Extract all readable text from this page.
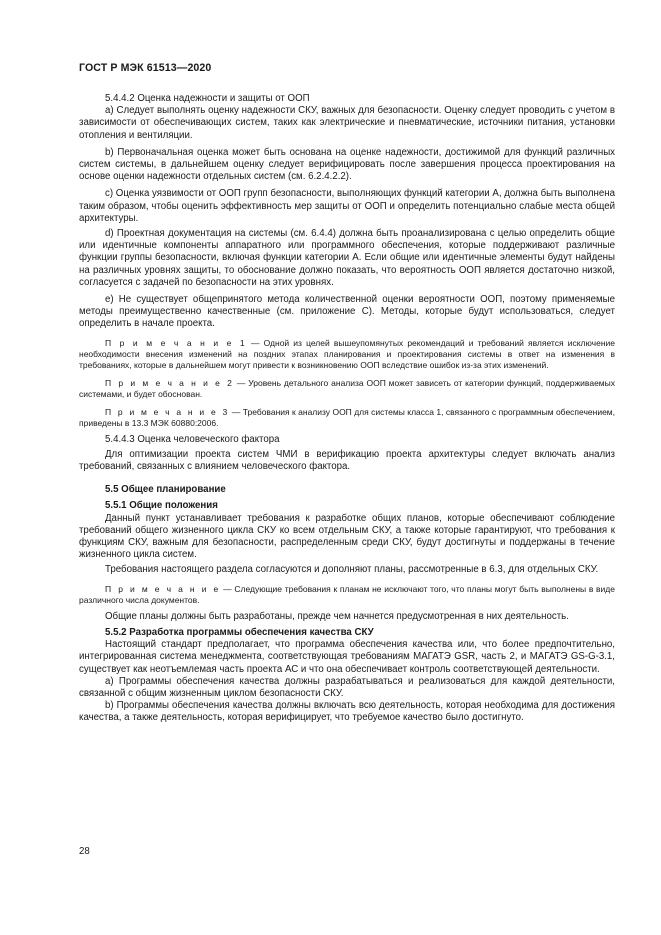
ГОСТ Р МЭК 61513—2020

5.4.4.2 Оценка надежности и защиты от ООП

a) Следует выполнять оценку надежности СКУ, важных для безопасности. Оценку следует проводить с учетом в зависимости от обеспечивающих систем, таких как электрические и пневматические, источники питания, установки отопления и вентиляции.

b) Первоначальная оценка может быть основана на оценке надежности, достижимой для функций различных систем системы, в дальнейшем оценку следует верифицировать после завершения процесса проектирования на основе оценки надежности отдельных систем (см. 6.2.4.2.2).

c) Оценка уязвимости от ООП групп безопасности, выполняющих функций категории А, должна быть выполнена таким образом, чтобы оценить эффективность мер защиты от ООП и определить потенциально слабые места общей архитектуры.

d) Проектная документация на системы (см. 6.4.4) должна быть проанализирована с целью определить общие или идентичные компоненты аппаратного или программного обеспечения, которые поддерживают различные функции группы безопасности, включая функции категории А. Если общие или идентичные элементы будут найдены на различных уровнях защиты, то обоснование должно показать, что вероятность ООП является достаточно низкой, согласуется с задачей по безопасности на этих уровнях.

e) Не существует общепринятого метода количественной оценки вероятности ООП, поэтому применяемые методы преимущественно качественные (см. приложение С). Методы, которые будут использоваться, следует определить в начале проекта.

П р и м е ч а н и е 1 — Одной из целей вышеупомянутых рекомендаций и требований является исключение необходимости внесения изменений на поздних этапах планирования и проектирования системы в ответ на изменения в требованиях, которые в дальнейшем могут привести к возникновению ООП вследствие ошибок из-за этих изменений.

П р и м е ч а н и е 2 — Уровень детального анализа ООП может зависеть от категории функций, поддерживаемых системами, и будет обоснован.

П р и м е ч а н и е 3 — Требования к анализу ООП для системы класса 1, связанного с программным обеспечением, приведены в 13.3 МЭК 60880:2006.

5.4.4.3 Оценка человеческого фактора

Для оптимизации проекта систем ЧМИ в верификацию проекта архитектуры следует включать анализ требований, связанных с влиянием человеческого фактора.

5.5 Общее планирование
5.5.1 Общие положения

Данный пункт устанавливает требования к разработке общих планов, которые обеспечивают соблюдение требований общего жизненного цикла СКУ ко всем отдельным СКУ, а также которые гарантируют, что требования к функциям СКУ, важным для безопасности, распределенным среди СКУ, будут достигнуты и поддержаны в течение жизненного цикла систем.

Требования настоящего раздела согласуются и дополняют планы, рассмотренные в 6.3, для отдельных СКУ.

П р и м е ч а н и е — Следующие требования к планам не исключают того, что планы могут быть выполнены в виде различного числа документов.

Общие планы должны быть разработаны, прежде чем начнется предусмотренная в них деятельность.

5.5.2 Разработка программы обеспечения качества СКУ

Настоящий стандарт предполагает, что программа обеспечения качества или, что более предпочтительно, интегрированная система менеджмента, соответствующая требованиям МАГАТЭ GSR, часть 2, и МАГАТЭ GS-G-3.1, существует как неотъемлемая часть проекта АС и что она обеспечивает контроль соответствующей деятельности.

a) Программы обеспечения качества должны разрабатываться и реализоваться для каждой деятельности, связанной с общим жизненным циклом безопасности СКУ.

b) Программы обеспечения качества должны включать всю деятельность, которая необходима для достижения качества, а также деятельность, которая верифицирует, что требуемое качество было достигнуто.

28
